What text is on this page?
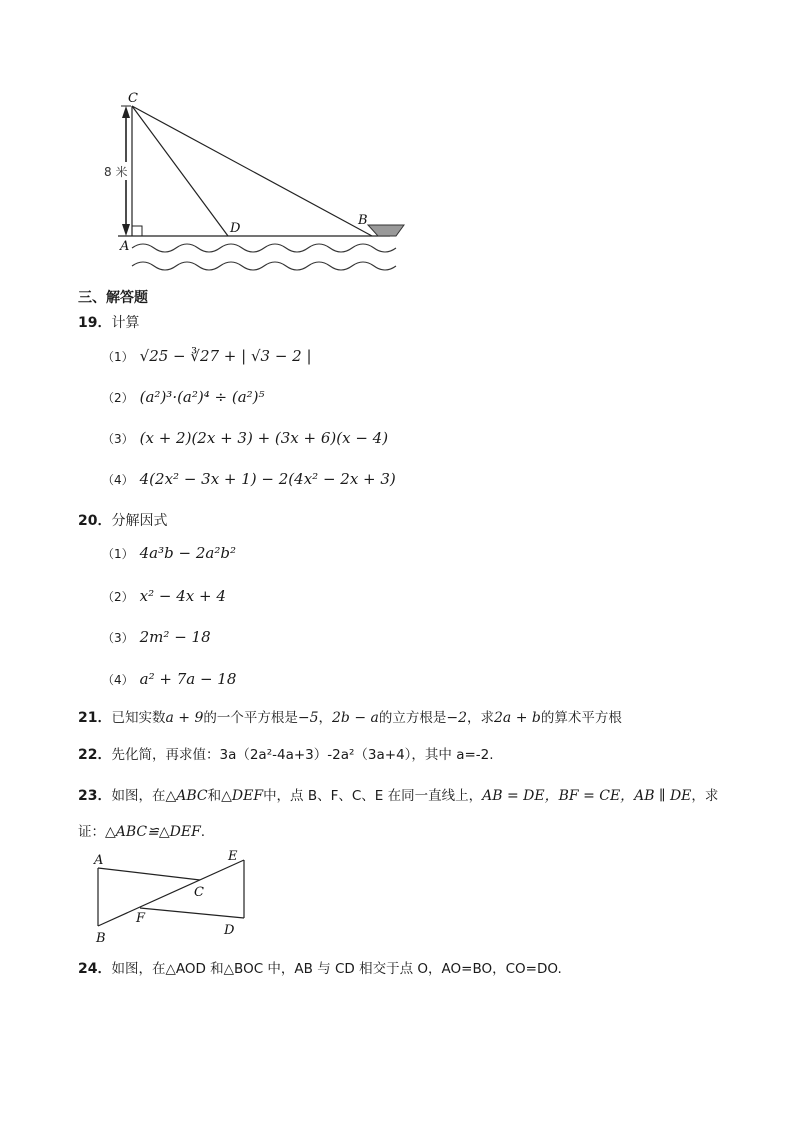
8 米
C
A
D
B
三、解答题
19．计算
（1） √25 − ∛27 + | √3 − 2 |
（2） (a²)³·(a²)⁴ ÷ (a²)⁵
（3） (x + 2)(2x + 3) + (3x + 6)(x − 4)
（4） 4(2x² − 3x + 1) − 2(4x² − 2x + 3)
20．分解因式
（1） 4a³b − 2a²b²
（2） x² − 4x + 4
（3） 2m² − 18
（4） a² + 7a − 18
21．已知实数a + 9的一个平方根是−5，2b − a的立方根是−2，求2a + b的算术平方根
22．先化简，再求值：3a（2a²-4a+3）-2a²（3a+4），其中 a=-2.
23．如图，在△ABC和△DEF中，点 B、F、C、E 在同一直线上，AB = DE，BF = CE，AB ∥ DE，求
证：△ABC≌△DEF.
A
B
C
F
E
D
24．如图，在△AOD 和△BOC 中，AB 与 CD 相交于点 O，AO=BO，CO=DO.
